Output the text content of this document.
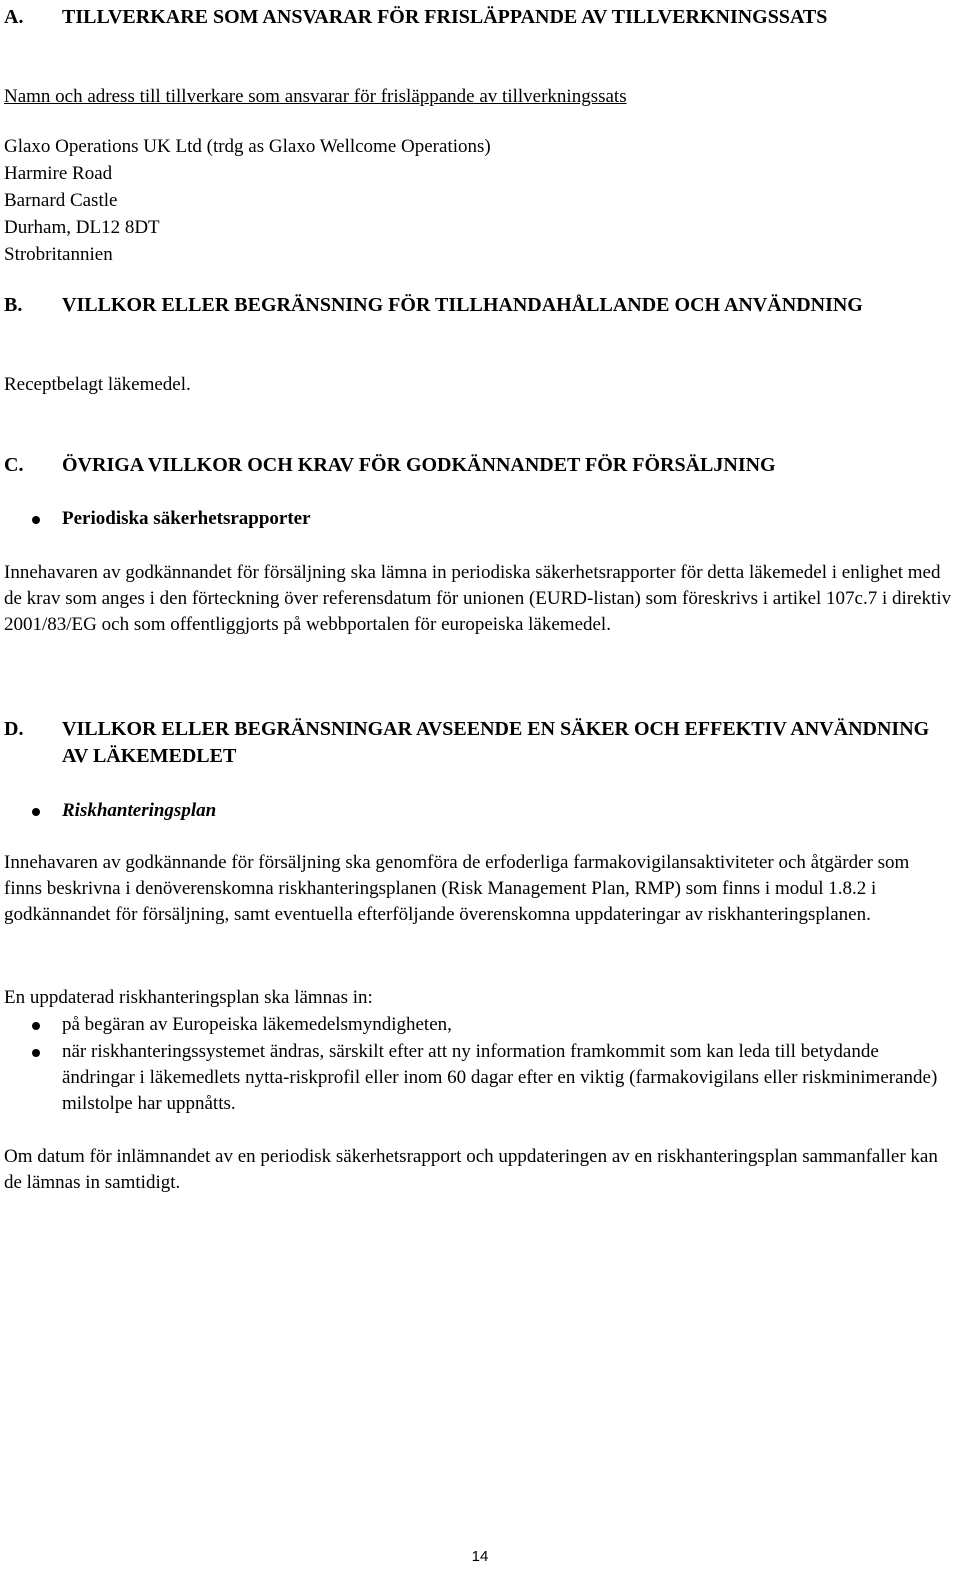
A. TILLVERKARE SOM ANSVARAR FÖR FRISLÄPPANDE AV TILLVERKNINGSSATS
Namn och adress till tillverkare som ansvarar för frisläppande av tillverkningssats
Glaxo Operations UK Ltd (trdg as Glaxo Wellcome Operations)
Harmire Road
Barnard Castle
Durham, DL12 8DT
Strobritannien
B. VILLKOR ELLER BEGRÄNSNING FÖR TILLHANDAHÅLLANDE OCH ANVÄNDNING
Receptbelagt läkemedel.
C. ÖVRIGA VILLKOR OCH KRAV FÖR GODKÄNNANDET FÖR FÖRSÄLJNING
Periodiska säkerhetsrapporter
Innehavaren av godkännandet för försäljning ska lämna in periodiska säkerhetsrapporter för detta läkemedel i enlighet med de krav som anges i den förteckning över referensdatum för unionen (EURD-listan) som föreskrivs i artikel 107c.7 i direktiv 2001/83/EG och som offentliggjorts på webbportalen för europeiska läkemedel.
D. VILLKOR ELLER BEGRÄNSNINGAR AVSEENDE EN SÄKER OCH EFFEKTIV ANVÄNDNING AV LÄKEMEDLET
Riskhanteringsplan
Innehavaren av godkännande för försäljning ska genomföra de erfoderliga farmakovigilansaktiviteter och åtgärder som finns beskrivna i denöverenskomna riskhanteringsplanen (Risk Management Plan, RMP) som finns i modul 1.8.2 i godkännandet för försäljning, samt eventuella efterföljande överenskomna uppdateringar av riskhanteringsplanen.
En uppdaterad riskhanteringsplan ska lämnas in:
på begäran av Europeiska läkemedelsmyndigheten,
när riskhanteringssystemet ändras, särskilt efter att ny information framkommit som kan leda till betydande ändringar i läkemedlets nytta-riskprofil eller inom 60 dagar efter en viktig (farmakovigilans eller riskminimerande) milstolpe har uppnåtts.
Om datum för inlämnandet av en periodisk säkerhetsrapport och uppdateringen av en riskhanteringsplan sammanfaller kan de lämnas in samtidigt.
14
